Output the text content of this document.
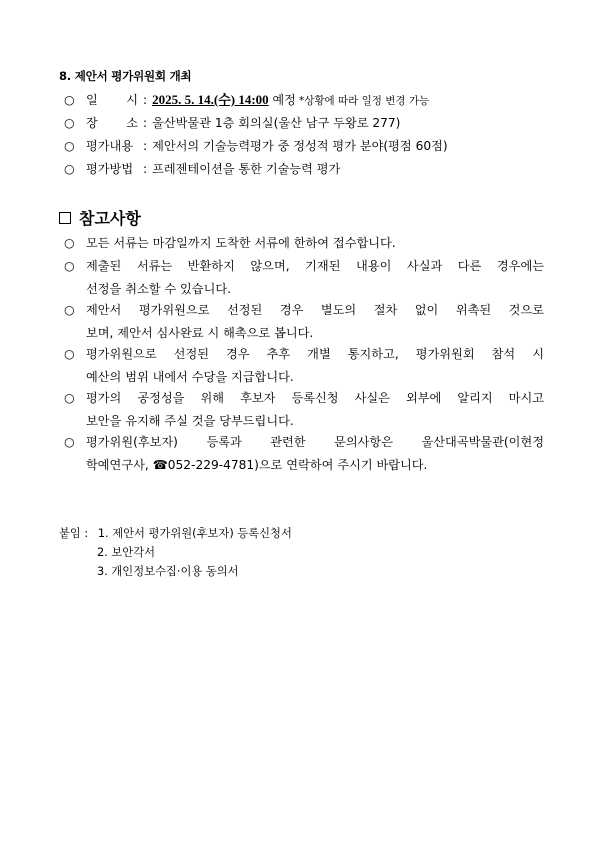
8. 제안서 평가위원회 개최
○ 일 시 : 2025. 5. 14.(수) 14:00 예정 *상황에 따라 일정 변경 가능
○ 장 소 : 울산박물관 1층 회의실(울산 남구 두왕로 277)
○ 평가내용 : 제안서의 기술능력평가 중 정성적 평가 분야(평점 60점)
○ 평가방법 : 프레젠테이션을 통한 기술능력 평가
참고사항
○ 모든 서류는 마감일까지 도착한 서류에 한하여 접수합니다.
○ 제출된 서류는 반환하지 않으며, 기재된 내용이 사실과 다른 경우에는
선정을 취소할 수 있습니다.
○ 제안서 평가위원으로 선정된 경우 별도의 절차 없이 위촉된 것으로
보며, 제안서 심사완료 시 해촉으로 봅니다.
○ 평가위원으로 선정된 경우 추후 개별 통지하고, 평가위원회 참석 시
예산의 범위 내에서 수당을 지급합니다.
○ 평가의 공정성을 위해 후보자 등록신청 사실은 외부에 알리지 마시고
보안을 유지해 주실 것을 당부드립니다.
○ 평가위원(후보자) 등록과 관련한 문의사항은 울산대곡박물관(이현정
학예연구사, ☎052-229-4781)으로 연락하여 주시기 바랍니다.
붙임 : 1. 제안서 평가위원(후보자) 등록신청서
2. 보안각서
3. 개인정보수집·이용 동의서
